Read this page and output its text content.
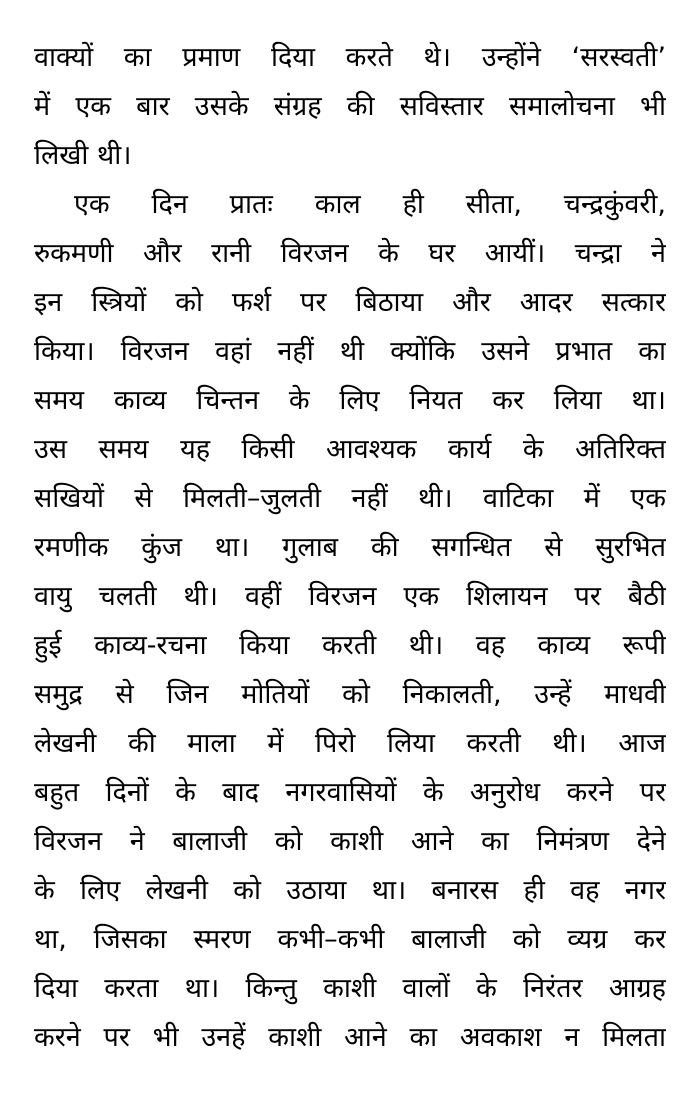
वाक्यों का प्रमाण दिया करते थे। उन्होंने ‘सरस्वती’
में एक बार उसके संग्रह की सविस्तार समालोचना भी
लिखी थी।
एक दिन प्रातः काल ही सीता, चन्द्रकुंवरी,
रुकमणी और रानी विरजन के घर आयीं। चन्द्रा ने
इन स्त्रियों को फर्श पर बिठाया और आदर सत्कार
किया। विरजन वहां नहीं थी क्योंकि उसने प्रभात का
समय काव्य चिन्तन के लिए नियत कर लिया था।
उस समय यह किसी आवश्यक कार्य के अतिरिक्त
सखियों से मिलती–जुलती नहीं थी। वाटिका में एक
रमणीक कुंज था। गुलाब की सगन्धित से सुरभित
वायु चलती थी। वहीं विरजन एक शिलायन पर बैठी
हुई काव्य-रचना किया करती थी। वह काव्य रूपी
समुद्र से जिन मोतियों को निकालती, उन्हें माधवी
लेखनी की माला में पिरो लिया करती थी। आज
बहुत दिनों के बाद नगरवासियों के अनुरोध करने पर
विरजन ने बालाजी को काशी आने का निमंत्रण देने
के लिए लेखनी को उठाया था। बनारस ही वह नगर
था, जिसका स्मरण कभी–कभी बालाजी को व्यग्र कर
दिया करता था। किन्तु काशी वालों के निरंतर आग्रह
करने पर भी उनहें काशी आने का अवकाश न मिलता
